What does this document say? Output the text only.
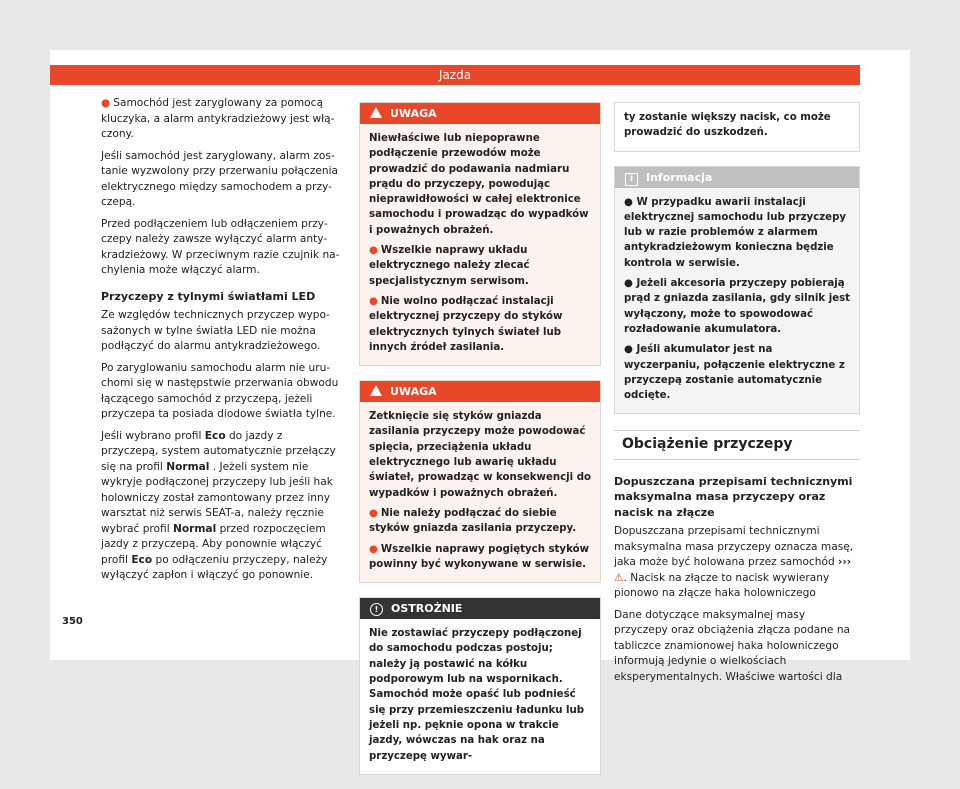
Jazda

● Samochód jest zaryglowany za pomocą kluczyka, a alarm antykradzieżowy jest włą-czony.

Jeśli samochód jest zaryglowany, alarm zos-tanie wyzwolony przy przerwaniu połączenia elektrycznego między samochodem a przy-czepą.

Przed podłączeniem lub odłączeniem przy-czepy należy zawsze wyłączyć alarm anty-kradzieżowy. W przeciwnym razie czujnik na-chylenia może włączyć alarm.

Przyczepy z tylnymi światłami LED

Ze względów technicznych przyczep wypo-sażonych w tylne światła LED nie można podłączyć do alarmu antykradzieżowego.

Po zaryglowaniu samochodu alarm nie uru-chomi się w następstwie przerwania obwodu łączącego samochód z przyczepą, jeżeli przyczepa ta posiada diodowe światła tylne.

Jeśli wybrano profil Eco do jazdy z przyczepą, system automatycznie przełączy się na profil Normal . Jeżeli system nie wykryje podłączonej przyczepy lub jeśli hak holowniczy został zamontowany przez inny warsztat niż serwis SEAT-a, należy ręcznie wybrać profil Normal przed rozpoczęciem jazdy z przyczepą. Aby ponownie włączyć profil Eco po odłączeniu przyczepy, należy wyłączyć zapłon i włączyć go ponownie.

UWAGA

Niewłaściwe lub niepoprawne podłączenie przewodów może prowadzić do podawania nadmiaru prądu do przyczepy, powodując nieprawidłowości w całej elektronice samochodu i prowadząc do wypadków i poważnych obrażeń.

● Wszelkie naprawy układu elektrycznego należy zlecać specjalistycznym serwisom.

● Nie wolno podłączać instalacji elektrycznej przyczepy do styków elektrycznych tylnych świateł lub innych źródeł zasilania.

UWAGA

Zetknięcie się styków gniazda zasilania przyczepy może powodować spięcia, przeciążenia układu elektrycznego lub awarię układu świateł, prowadząc w konsekwencji do wypadków i poważnych obrażeń.

● Nie należy podłączać do siebie styków gniazda zasilania przyczepy.

● Wszelkie naprawy pogiętych styków powinny być wykonywane w serwisie.

! OSTROŻNIE

Nie zostawiać przyczepy podłączonej do samochodu podczas postoju; należy ją postawić na kółku podporowym lub na wspornikach. Samochód może opaść lub podnieść się przy przemieszczeniu ładunku lub jeżeli np. pęknie opona w trakcie jazdy, wówczas na hak oraz na przyczepę wywar-

ty zostanie większy nacisk, co może prowadzić do uszkodzeń.

i Informacja

● W przypadku awarii instalacji elektrycznej samochodu lub przyczepy lub w razie problemów z alarmem antykradzieżowym konieczna będzie kontrola w serwisie.

● Jeżeli akcesoria przyczepy pobierają prąd z gniazda zasilania, gdy silnik jest wyłączony, może to spowodować rozładowanie akumulatora.

● Jeśli akumulator jest na wyczerpaniu, połączenie elektryczne z przyczepą zostanie automatycznie odcięte.

Obciążenie przyczepy
Dopuszczana przepisami technicznymi maksymalna masa przyczepy oraz nacisk na złącze

Dopuszczana przepisami technicznymi maksymalna masa przyczepy oznacza masę, jaka może być holowana przez samochód ››› ⚠. Nacisk na złącze to nacisk wywierany pionowo na złącze haka holowniczego

Dane dotyczące maksymalnej masy przyczepy oraz obciążenia złącza podane na tabliczce znamionowej haka holowniczego informują jedynie o wielkościach eksperymentalnych. Właściwe wartości dla

350
